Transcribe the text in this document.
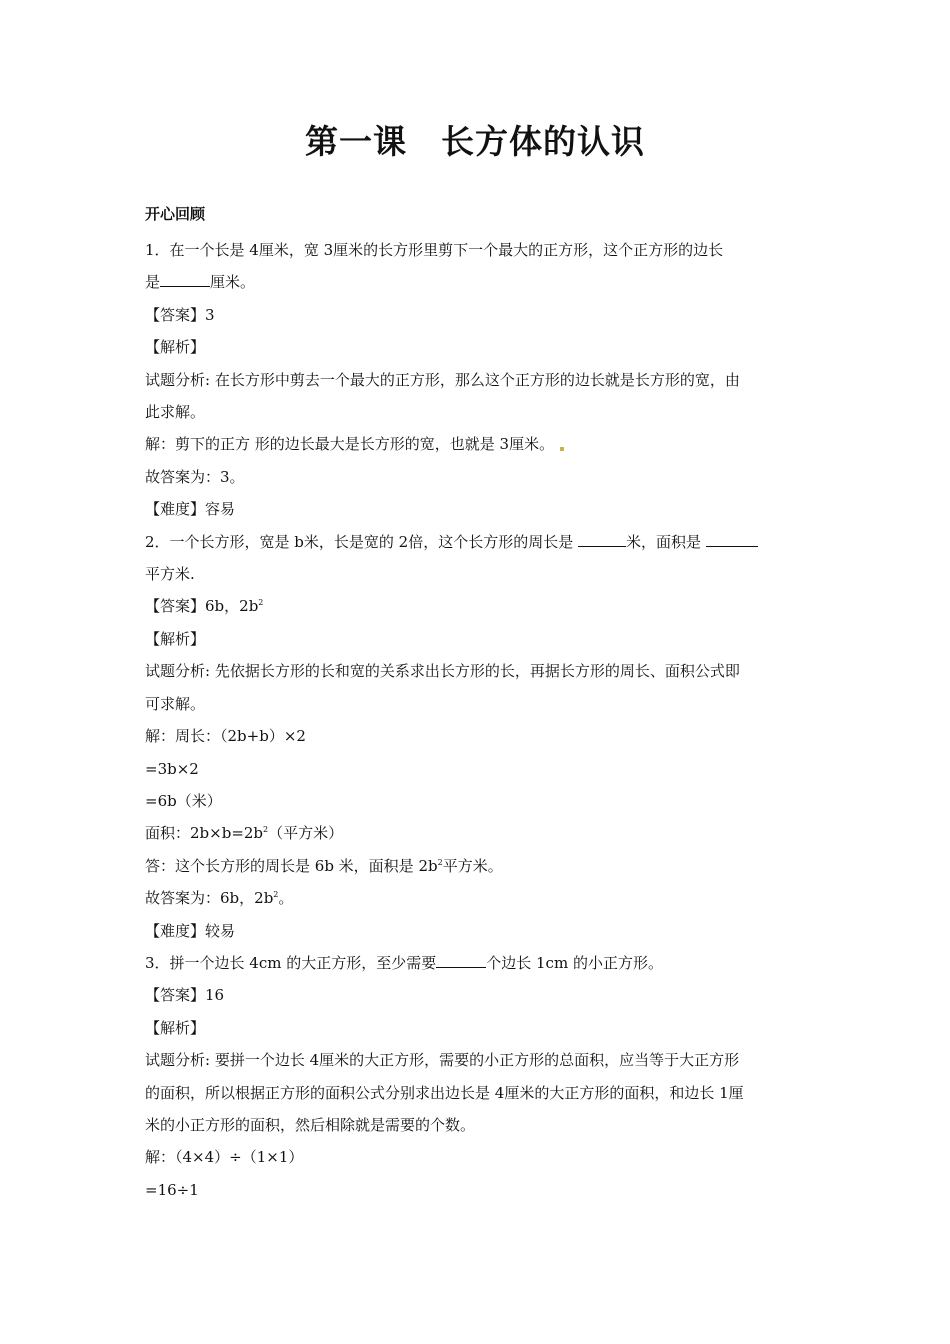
第一课　长方体的认识
开心回顾
1．在一个长是 4厘米，宽 3厘米的长方形里剪下一个最大的正方形，这个正方形的边长
是	厘米。
【答案】3
【解析】
试题分析: 在长方形中剪去一个最大的正方形，那么这个正方形的边长就是长方形的宽，由
此求解。
解：剪下的正方 形的边长最大是长方形的宽，也就是 3厘米。
故答案为：3。
【难度】容易
2．一个长方形，宽是 b米，长是宽的 2倍，这个长方形的周长是	米，面积是
平方米.
【答案】6b，$2b^2$
【解析】
试题分析: 先依据长方形的长和宽的关系求出长方形的长，再据长方形的周长、面积公式即
可求解。
解：周长：（2b+b）×2
=3b×2
=6b（米）
面积：$2b\times b=2b^2$（平方米）
答：这个长方形的周长是 6b 米，面积是 $2b^2$平方米。
故答案为：6b，$2b^2$。
【难度】较易
3．拼一个边长 4cm 的大正方形，至少需要	个边长 1cm 的小正方形。
【答案】16
【解析】
试题分析: 要拼一个边长 4厘米的大正方形，需要的小正方形的总面积，应当等于大正方形
的面积，所以根据正方形的面积公式分别求出边长是 4厘米的大正方形的面积，和边长 1厘
米的小正方形的面积，然后相除就是需要的个数。
解：（4×4）÷（1×1）
=16÷1
